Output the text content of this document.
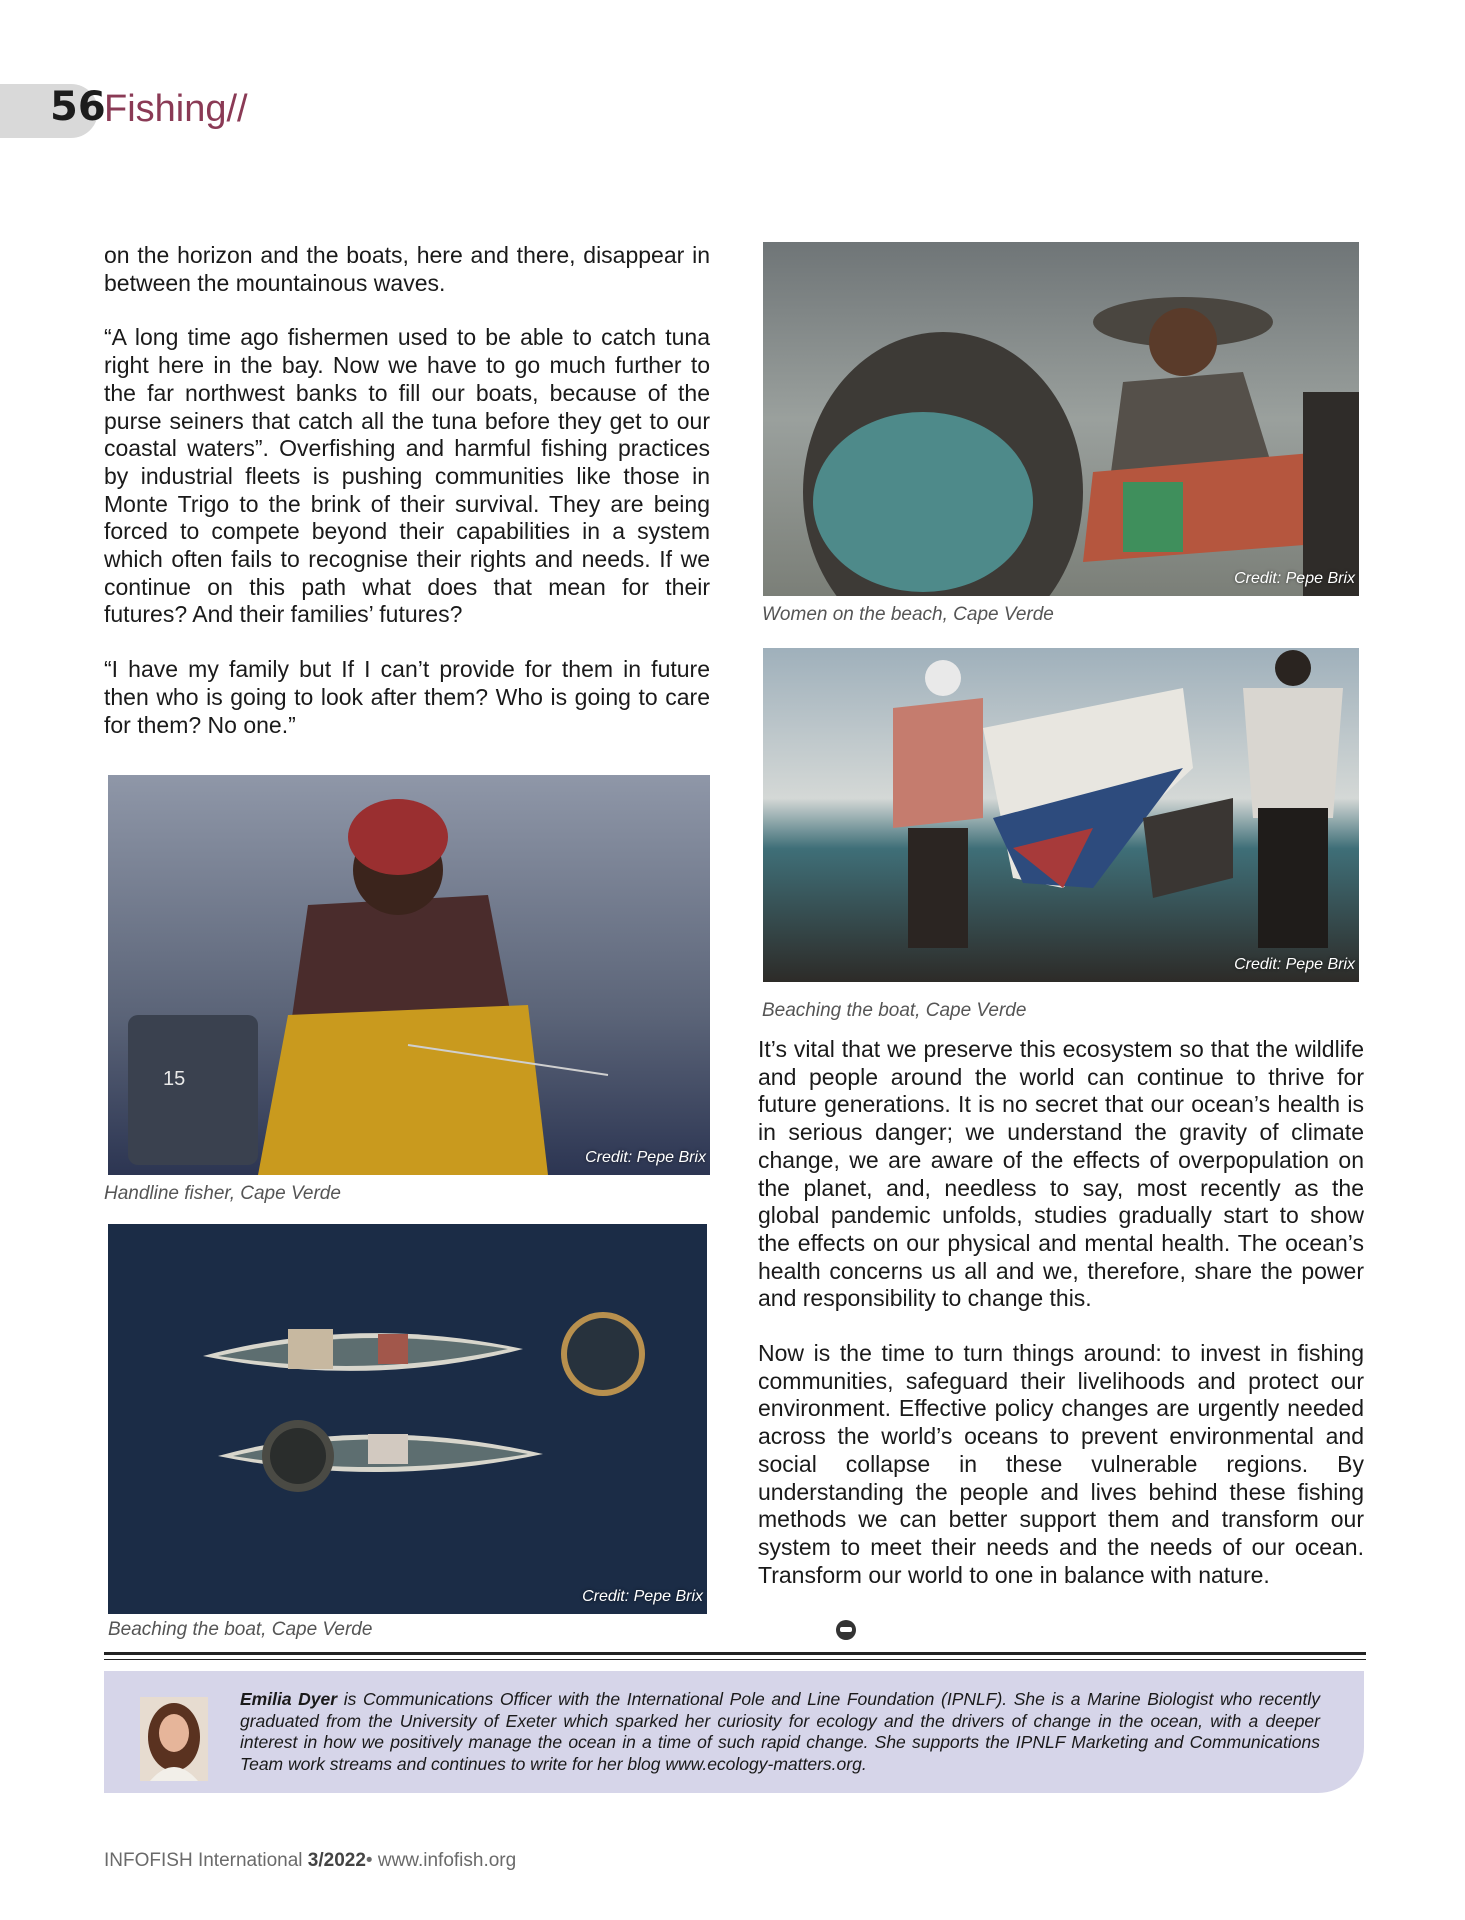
56
Fishing//

on the horizon and the boats, here and there, disappear in between the mountainous waves.

“A long time ago fishermen used to be able to catch tuna right here in the bay. Now we have to go much further to the far northwest banks to fill our boats, because of the purse seiners that catch all the tuna before they get to our coastal waters”. Overfishing and harmful fishing practices by industrial fleets is pushing communities like those in Monte Trigo to the brink of their survival. They are being forced to compete beyond their capabilities in a system which often fails to recognise their rights and needs. If we continue on this path what does that mean for their futures? And their families’ futures?

“I have my family but If I can’t provide for them in future then who is going to look after them? Who is going to care for them? No one.”

Credit: Pepe Brix
Women on the beach, Cape Verde
Credit: Pepe Brix
Beaching the boat, Cape Verde

It’s vital that we preserve this ecosystem so that the wildlife and people around the world can continue to thrive for future generations. It is no secret that our ocean’s health is in serious danger; we understand the gravity of climate change, we are aware of the effects of overpopulation on the planet, and, needless to say, most recently as the global pandemic unfolds, studies gradually start to show the effects on our physical and mental health. The ocean’s health concerns us all and we, therefore, share the power and responsibility to change this.

Now is the time to turn things around: to invest in fishing communities, safeguard their livelihoods and protect our environment. Effective policy changes are urgently needed across the world’s oceans to prevent environmental and social collapse in these vulnerable regions. By understanding the people and lives behind these fishing methods we can better support them and transform our system to meet their needs and the needs of our ocean. Transform our world to one in balance with nature.

15
Credit: Pepe Brix
Handline fisher, Cape Verde
Credit: Pepe Brix
Beaching the boat, Cape Verde
Emilia Dyer is Communications Officer with the International Pole and Line Foundation (IPNLF). She is a Marine Biologist who recently graduated from the University of Exeter which sparked her curiosity for ecology and the drivers of change in the ocean, with a deeper interest in how we positively manage the ocean in a time of such rapid change. She supports the IPNLF Marketing and Communications Team work streams and continues to write for her blog www.ecology-matters.org.
INFOFISH International 3/2022• www.infofish.org
